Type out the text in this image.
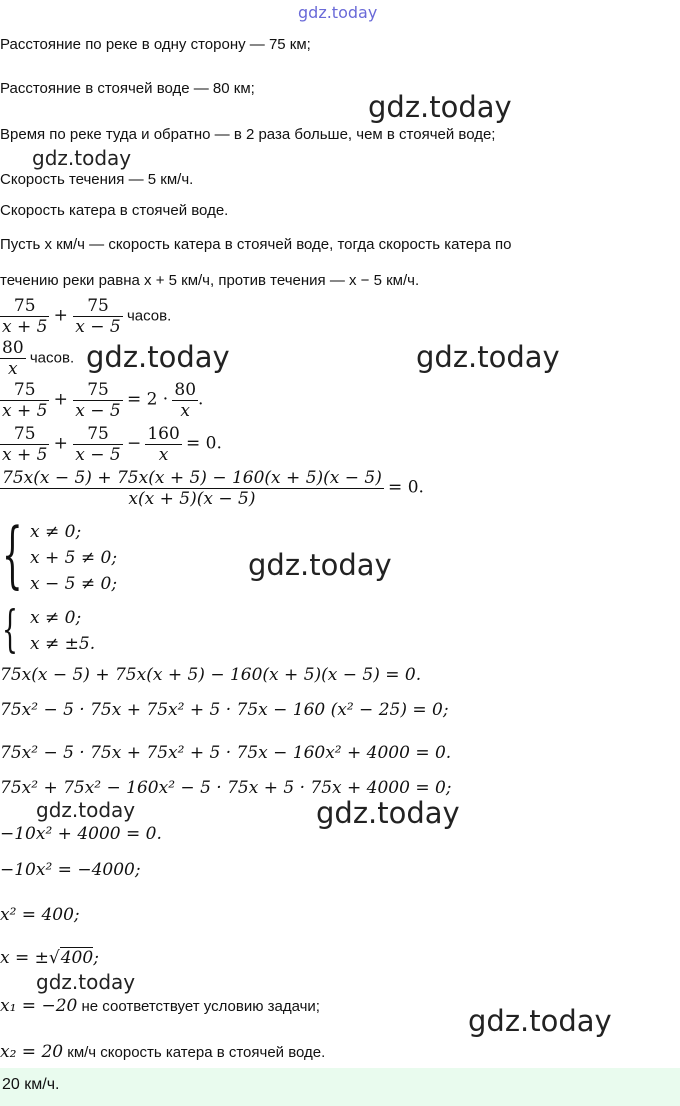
gdz.today
Расстояние по реке в одну сторону — 75 км;
Расстояние в стоячей воде — 80 км;
Время по реке туда и обратно — в 2 раза больше, чем в стоячей воде;
Скорость течения — 5 км/ч.
Скорость катера в стоячей воде.
Пусть x км/ч — скорость катера в стоячей воде, тогда скорость катера по
течению реки равна x + 5 км/ч, против течения — x − 5 км/ч.
$\frac{75}{x + 5} + \frac{75}{x - 5}$ часов.
$\frac{80}{x}$ часов.
$\frac{75}{x + 5} + \frac{75}{x - 5} = 2 \cdot \frac{80}{x}$ .
$\frac{75}{x + 5} + \frac{75}{x - 5} - \frac{160}{x} = 0$.
$\frac{75x(x - 5) + 75x(x + 5) - 160(x + 5)(x - 5)}{x(x + 5)(x - 5)} = 0$.
{ x ≠ 0;
x + 5 ≠ 0;
x − 5 ≠ 0;
{ x ≠ 0;
x ≠ ±5.
75x(x − 5) + 75x(x + 5) − 160(x + 5)(x − 5) = 0.
75x² − 5 · 75x + 75x² + 5 · 75x − 160 (x² − 25) = 0;
75x² − 5 · 75x + 75x² + 5 · 75x − 160x² + 4000 = 0.
75x² + 75x² − 160x² − 5 · 75x + 5 · 75x + 4000 = 0;
−10x² + 4000 = 0.
−10x² = −4000;
x² = 400;
x = ±√400;
x₁ = −20 не соответствует условию задачи;
x₂ = 20 км/ч скорость катера в стоячей воде.
20 км/ч.
gdz.today
gdz.today
gdz.today	gdz.today
gdz.today
gdz.today	gdz.today
gdz.today
gdz.today
